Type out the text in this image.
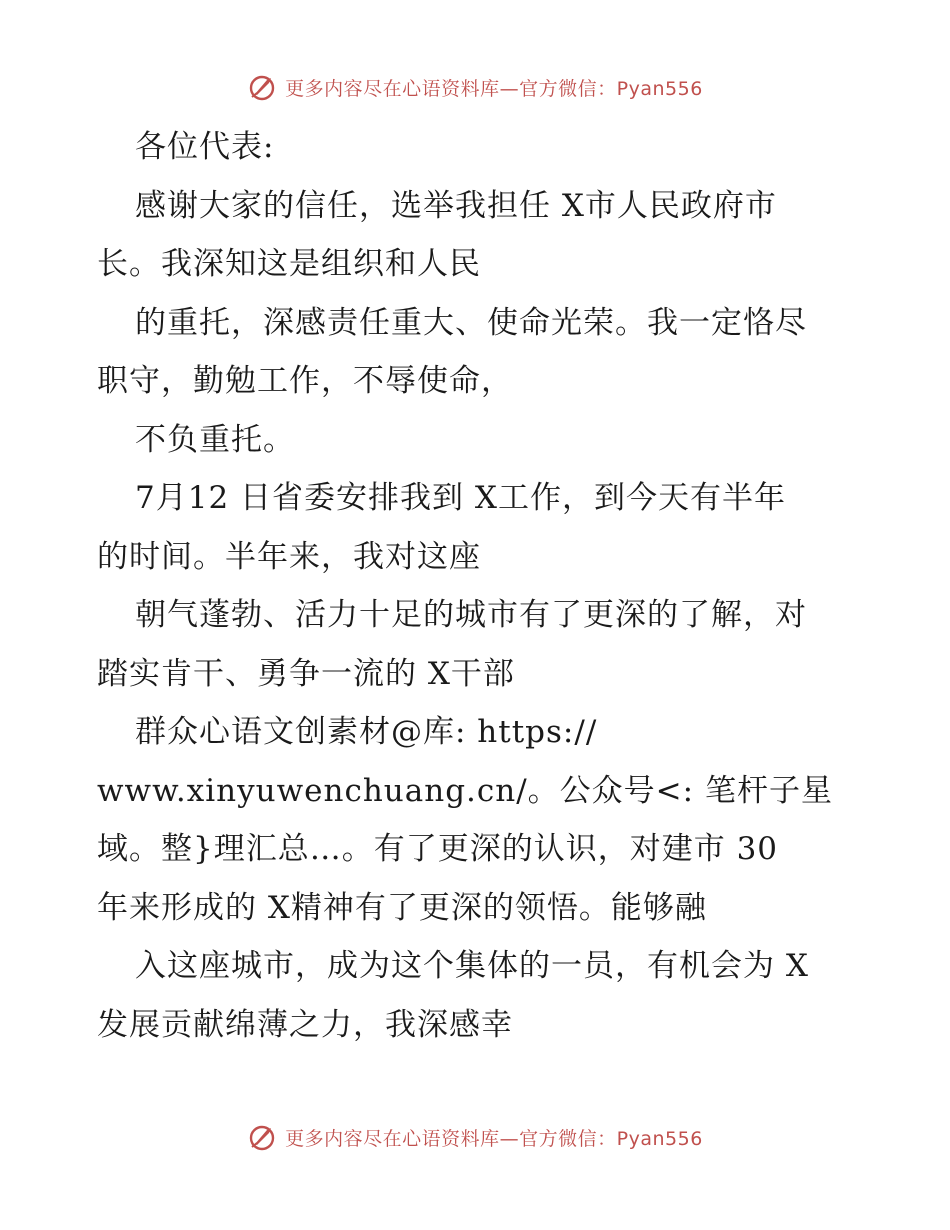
更多内容尽在心语资料库—官方微信：Pyan556
各位代表:
感谢大家的信任，选举我担任 X市人民政府市
长。我深知这是组织和人民
的重托，深感责任重大、使命光荣。我一定恪尽
职守，勤勉工作，不辱使命，
不负重托。
7月12 日省委安排我到 X工作，到今天有半年
的时间。半年来，我对这座
朝气蓬勃、活力十足的城市有了更深的了解，对
踏实肯干、勇争一流的 X干部
群众心语文创素材@库: https://
www.xinyuwenchuang.cn/。公众号<: 笔杆子星
域。整}理汇总…。有了更深的认识，对建市 30
年来形成的 X精神有了更深的领悟。能够融
入这座城市，成为这个集体的一员，有机会为 X
发展贡献绵薄之力，我深感幸
更多内容尽在心语资料库—官方微信：Pyan556
